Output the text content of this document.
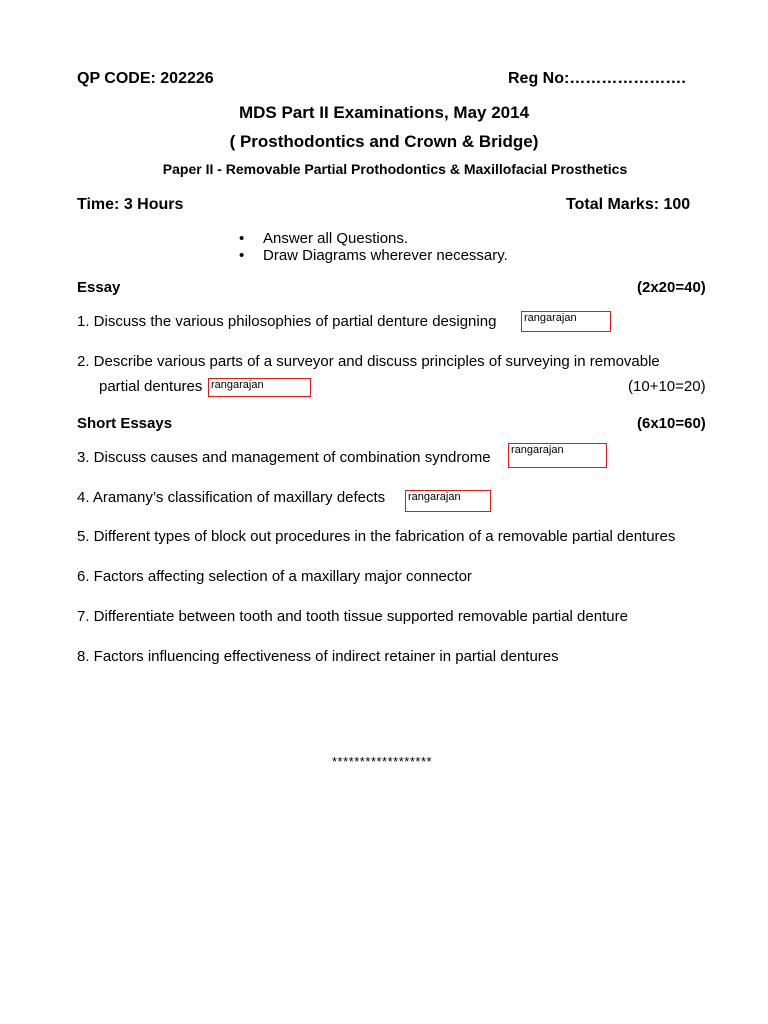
QP CODE: 202226	Reg No:………………….
MDS Part II Examinations, May 2014
( Prosthodontics and Crown & Bridge)
Paper II - Removable Partial Prothodontics & Maxillofacial Prosthetics
Time: 3 Hours	Total Marks: 100
• Answer all Questions.
• Draw Diagrams wherever necessary.
Essay	(2x20=40)
1. Discuss the various philosophies of partial denture designing	rangarajan
2. Describe various parts of a surveyor and discuss principles of surveying in removable
partial dentures rangarajan	(10+10=20)
Short Essays	(6x10=60)
3. Discuss causes and management of combination syndrome rangarajan
4. Aramany’s classification of maxillary defects rangarajan
5. Different types of block out procedures in the fabrication of a removable partial dentures
6. Factors affecting selection of a maxillary major connector
7. Differentiate between tooth and tooth tissue supported removable partial denture
8. Factors influencing effectiveness of indirect retainer in partial dentures
******************
